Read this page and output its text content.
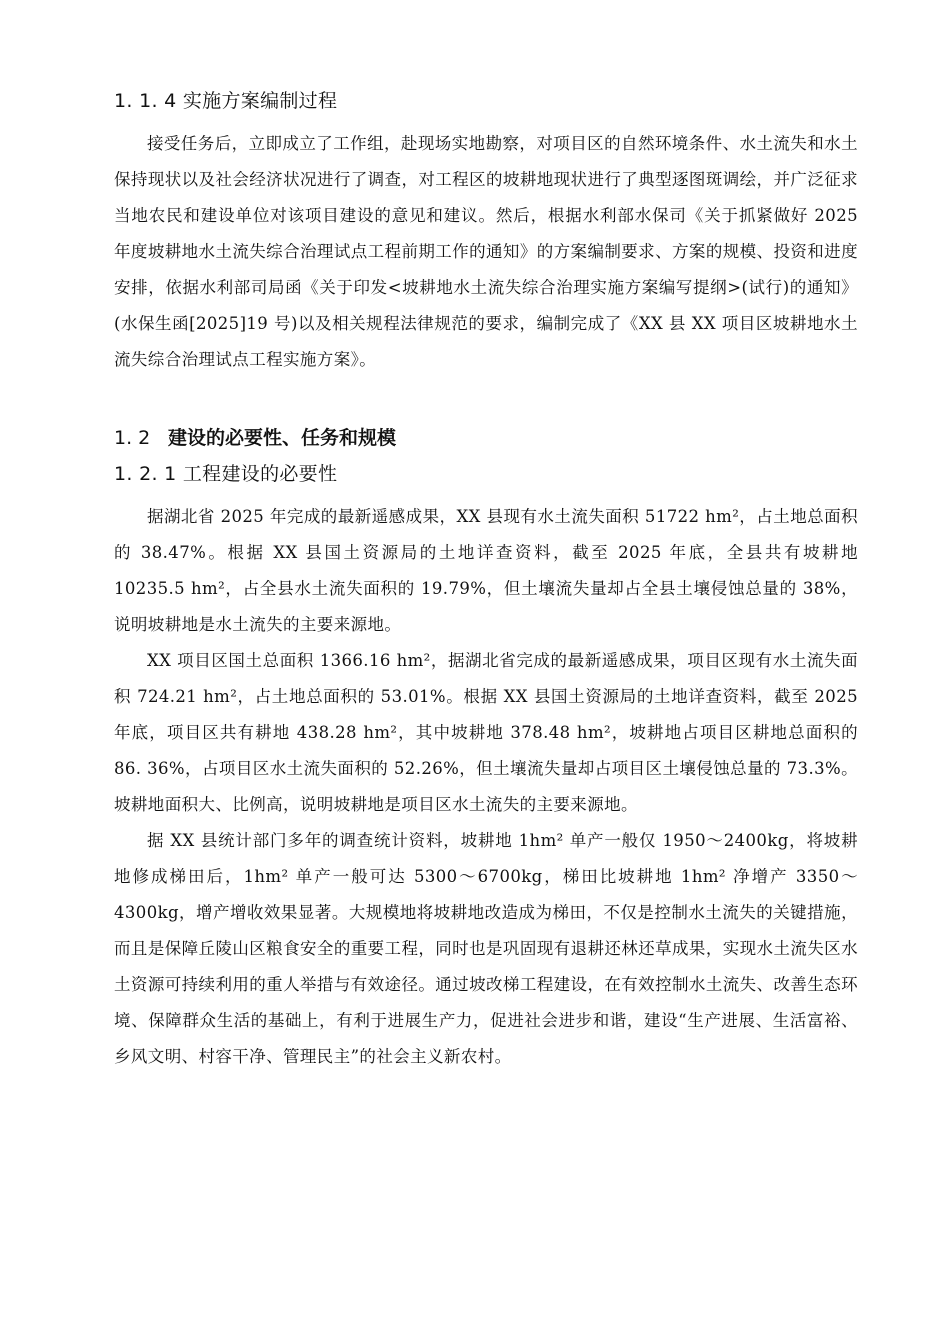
1. 1. 4 实施方案编制过程

接受任务后，立即成立了工作组，赴现场实地勘察，对项目区的自然环境条件、水土流失和水土保持现状以及社会经济状况进行了调查，对工程区的坡耕地现状进行了典型逐图斑调绘，并广泛征求当地农民和建设单位对该项目建设的意见和建议。然后，根据水利部水保司《关于抓紧做好 2025 年度坡耕地水土流失综合治理试点工程前期工作的通知》的方案编制要求、方案的规模、投资和进度安排，依据水利部司局函《关于印发<坡耕地水土流失综合治理实施方案编写提纲>(试行)的通知》(水保生函[2025]19 号)以及相关规程法律规范的要求，编制完成了《XX 县 XX 项目区坡耕地水土流失综合治理试点工程实施方案》。

1. 2 建设的必要性、任务和规模
1. 2. 1 工程建设的必要性

据湖北省 2025 年完成的最新遥感成果，XX 县现有水土流失面积 51722 hm²，占土地总面积的 38.47%。根据 XX 县国土资源局的土地详查资料，截至 2025 年底，全县共有坡耕地 10235.5 hm²，占全县水土流失面积的 19.79%，但土壤流失量却占全县土壤侵蚀总量的 38%，说明坡耕地是水土流失的主要来源地。

XX 项目区国土总面积 1366.16 hm²，据湖北省完成的最新遥感成果，项目区现有水土流失面积 724.21 hm²，占土地总面积的 53.01%。根据 XX 县国土资源局的土地详查资料，截至 2025 年底，项目区共有耕地 438.28 hm²，其中坡耕地 378.48 hm²，坡耕地占项目区耕地总面积的 86. 36%，占项目区水土流失面积的 52.26%，但土壤流失量却占项目区土壤侵蚀总量的 73.3%。坡耕地面积大、比例高，说明坡耕地是项目区水土流失的主要来源地。

据 XX 县统计部门多年的调查统计资料，坡耕地 1hm² 单产一般仅 1950～2400kg，将坡耕地修成梯田后，1hm² 单产一般可达 5300～6700kg，梯田比坡耕地 1hm² 净增产 3350～4300kg，增产增收效果显著。大规模地将坡耕地改造成为梯田，不仅是控制水土流失的关键措施，而且是保障丘陵山区粮食安全的重要工程，同时也是巩固现有退耕还林还草成果，实现水土流失区水土资源可持续利用的重人举措与有效途径。通过坡改梯工程建设，在有效控制水土流失、改善生态环境、保障群众生活的基础上，有利于进展生产力，促进社会进步和谐，建设“生产进展、生活富裕、乡风文明、村容干净、管理民主”的社会主义新农村。
